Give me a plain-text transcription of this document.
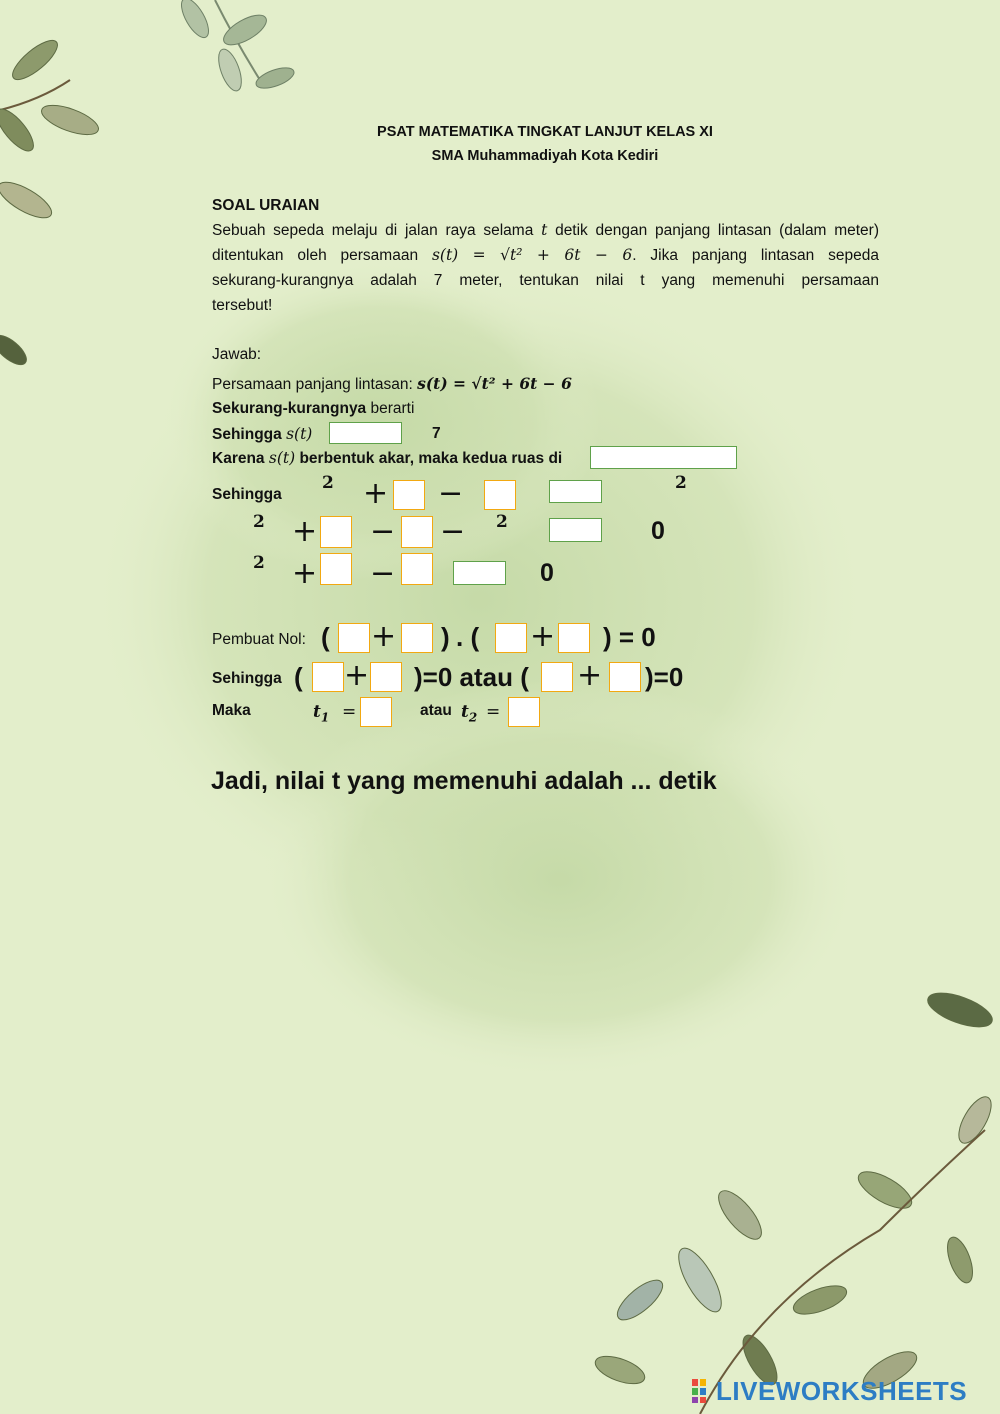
PSAT MATEMATIKA TINGKAT LANJUT KELAS XI
SMA Muhammadiyah Kota Kediri
SOAL URAIAN
Sebuah sepeda melaju di jalan raya selama t detik dengan panjang lintasan (dalam meter)
ditentukan oleh persamaan s(t) = √t² + 6t − 6. Jika panjang lintasan sepeda
sekurang-kurangnya adalah 7 meter, tentukan nilai t yang memenuhi persamaan
tersebut!
Jawab:
Persamaan panjang lintasan: s(t) = √t² + 6t − 6
Sekurang-kurangnya berarti
Sehingga s(t)	7
Karena s(t) berbentuk akar, maka kedua ruas di
Sehingga
2 + −	2
2 + − − 2	0
2 + −	0
Pembuat Nol: ( + ) . ( + ) = 0
Sehingga ( + )=0 atau ( + )=0
Maka	$t_1$ =	atau $t_2$ =
Jadi, nilai t yang memenuhi adalah ... detik
LIVEWORKSHEETS
